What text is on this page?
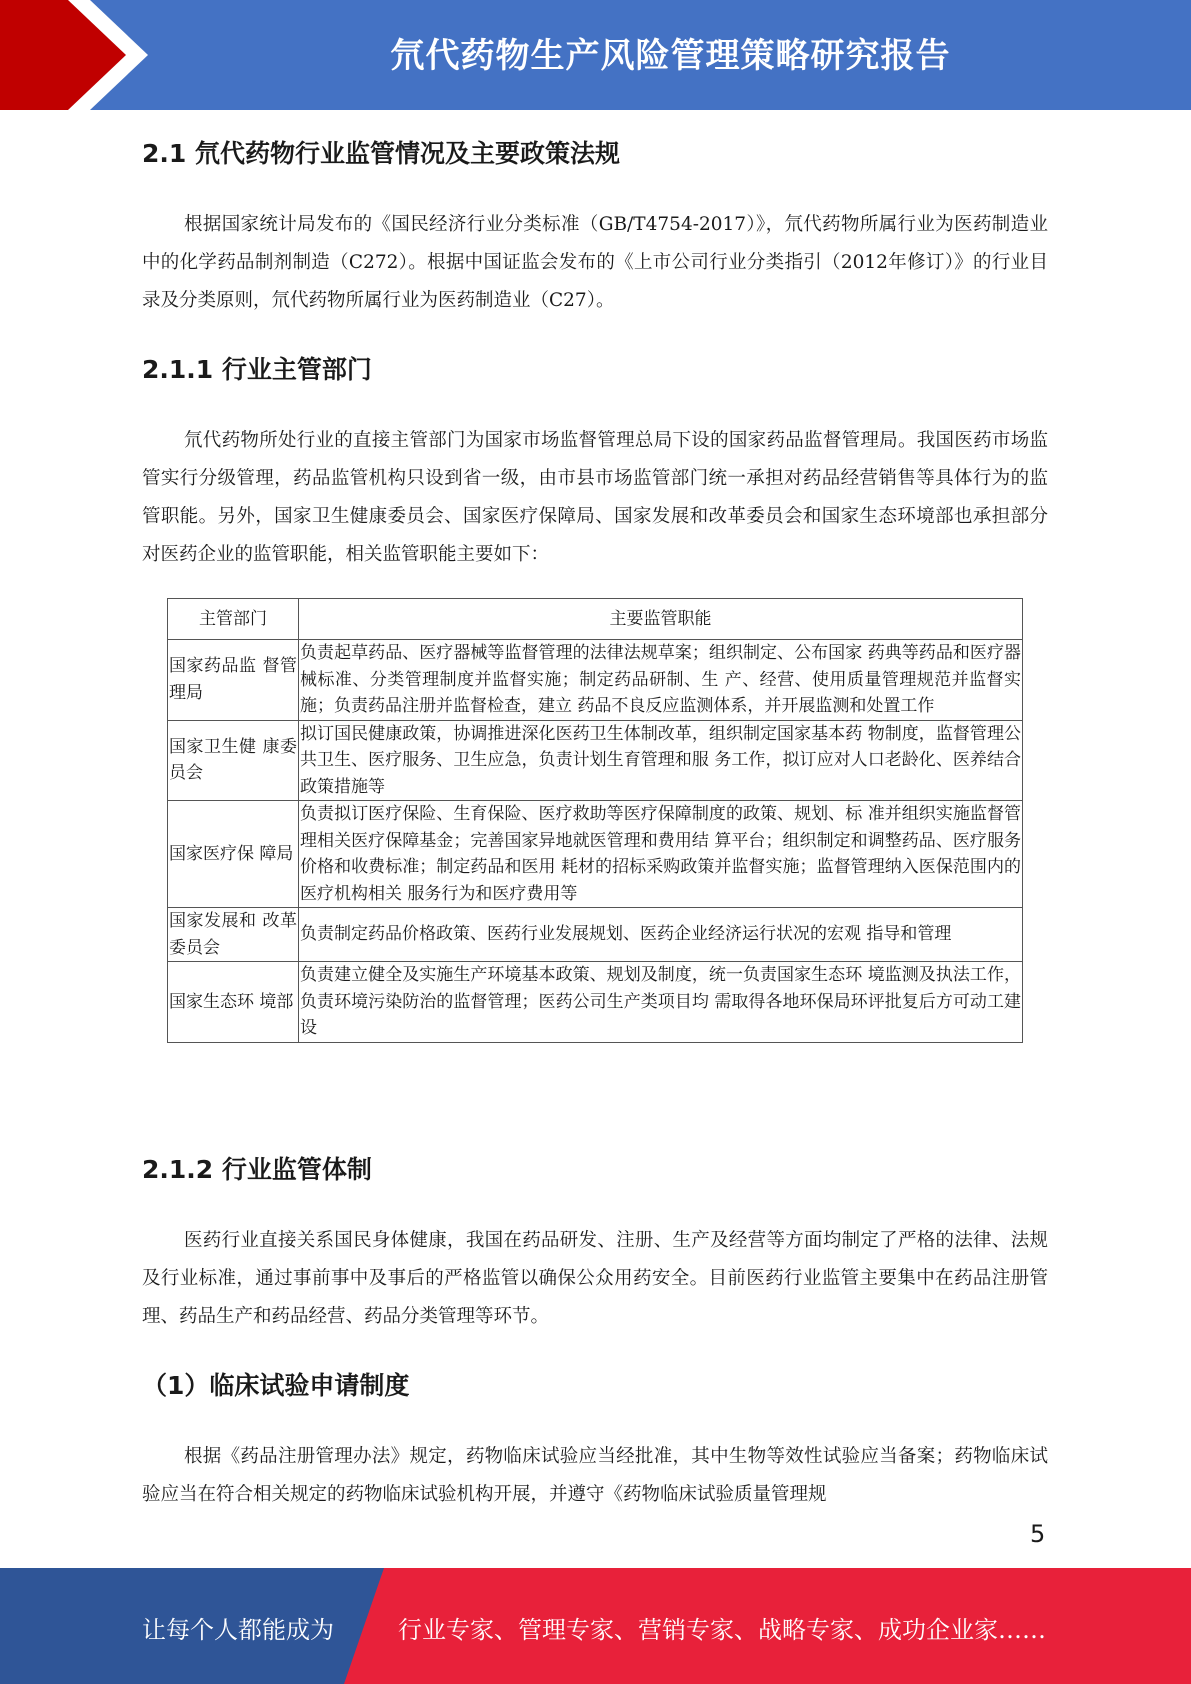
氘代药物生产风险管理策略研究报告
2.1 氘代药物行业监管情况及主要政策法规

根据国家统计局发布的《国民经济行业分类标准（GB/T4754-2017）》，氘代药物所属行业为医药制造业中的化学药品制剂制造（C272）。根据中国证监会发布的《上市公司行业分类指引（2012年修订）》的行业目录及分类原则，氘代药物所属行业为医药制造业（C27）。

2.1.1 行业主管部门

氘代药物所处行业的直接主管部门为国家市场监督管理总局下设的国家药品监督管理局。我国医药市场监管实行分级管理，药品监管机构只设到省一级，由市县市场监管部门统一承担对药品经营销售等具体行为的监管职能。另外，国家卫生健康委员会、国家医疗保障局、国家发展和改革委员会和国家生态环境部也承担部分对医药企业的监管职能，相关监管职能主要如下：

主管部门	主要监管职能
国家药品监 督管理局	负责起草药品、医疗器械等监督管理的法律法规草案；组织制定、公布国家 药典等药品和医疗器械标准、分类管理制度并监督实施；制定药品研制、生 产、经营、使用质量管理规范并监督实施；负责药品注册并监督检查，建立 药品不良反应监测体系，并开展监测和处置工作
国家卫生健 康委员会	拟订国民健康政策，协调推进深化医药卫生体制改革，组织制定国家基本药 物制度，监督管理公共卫生、医疗服务、卫生应急，负责计划生育管理和服 务工作，拟订应对人口老龄化、医养结合政策措施等
国家医疗保 障局	负责拟订医疗保险、生育保险、医疗救助等医疗保障制度的政策、规划、标 准并组织实施监督管理相关医疗保障基金；完善国家异地就医管理和费用结 算平台；组织制定和调整药品、医疗服务价格和收费标准；制定药品和医用 耗材的招标采购政策并监督实施；监督管理纳入医保范围内的医疗机构相关 服务行为和医疗费用等
国家发展和 改革委员会	负责制定药品价格政策、医药行业发展规划、医药企业经济运行状况的宏观 指导和管理
国家生态环 境部	负责建立健全及实施生产环境基本政策、规划及制度，统一负责国家生态环 境监测及执法工作，负责环境污染防治的监督管理；医药公司生产类项目均 需取得各地环保局环评批复后方可动工建设
2.1.2 行业监管体制

医药行业直接关系国民身体健康，我国在药品研发、注册、生产及经营等方面均制定了严格的法律、法规及行业标准，通过事前事中及事后的严格监管以确保公众用药安全。目前医药行业监管主要集中在药品注册管理、药品生产和药品经营、药品分类管理等环节。

（1）临床试验申请制度

根据《药品注册管理办法》规定，药物临床试验应当经批准，其中生物等效性试验应当备案；药物临床试验应当在符合相关规定的药物临床试验机构开展，并遵守《药物临床试验质量管理规

5
让每个人都能成为	行业专家、管理专家、营销专家、战略专家、成功企业家……
